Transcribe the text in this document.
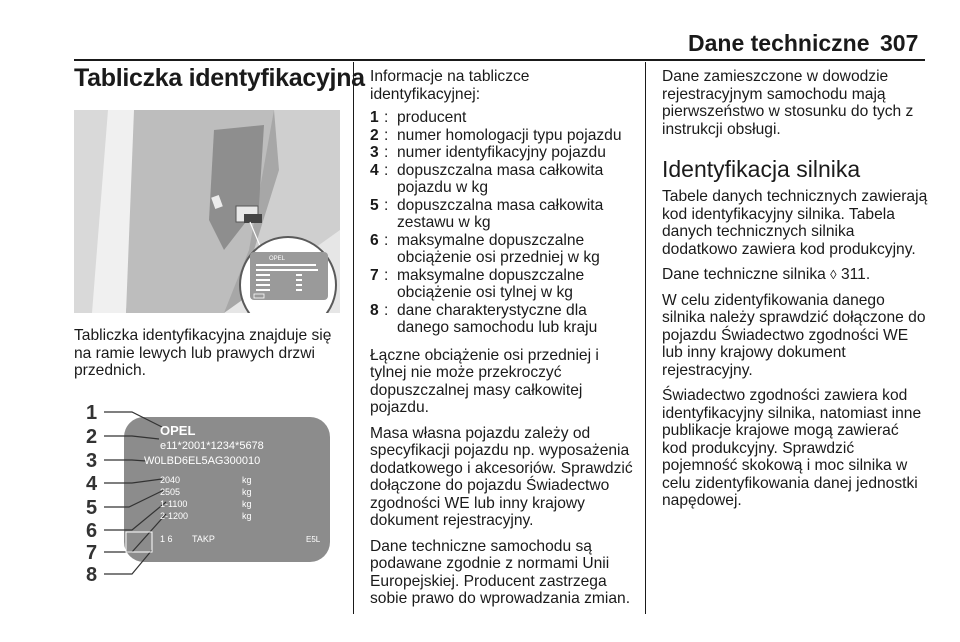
Dane techniczne 307
Tabliczka identyfikacyjna
OPEL
Tabliczka identyfikacyjna znajduje się na ramie lewych lub prawych drzwi przednich.
1
2
3
4
5
6
7
8
OPEL
e11*2001*1234*5678
W0LBD6EL5AG300010
2040	kg
2505	kg
1-1100	kg
2-1200	kg
1 6 TAKP	E5L

Informacje na tabliczce identyfikacyjnej:

1 : producent
2 : numer homologacji typu pojazdu
3 : numer identyfikacyjny pojazdu
4 : dopuszczalna masa całkowita pojazdu w kg
5 : dopuszczalna masa całkowita zestawu w kg
6 : maksymalne dopuszczalne obciążenie osi przedniej w kg
7 : maksymalne dopuszczalne obciążenie osi tylnej w kg
8 : dane charakterystyczne dla danego samochodu lub kraju

Łączne obciążenie osi przedniej i tylnej nie może przekroczyć dopuszczalnej masy całkowitej pojazdu.

Masa własna pojazdu zależy od specyfikacji pojazdu np. wyposażenia dodatkowego i akcesoriów. Sprawdzić dołączone do pojazdu Świadectwo zgodności WE lub inny krajowy dokument rejestracyjny.

Dane techniczne samochodu są podawane zgodnie z normami Unii Europejskiej. Producent zastrzega sobie prawo do wprowadzania zmian.

Dane zamieszczone w dowodzie rejestracyjnym samochodu mają pierwszeństwo w stosunku do tych z instrukcji obsługi.

Identyfikacja silnika

Tabele danych technicznych zawierają kod identyfikacyjny silnika. Tabela danych technicznych silnika dodatkowo zawiera kod produkcyjny.

Dane techniczne silnika ◊ 311.

W celu zidentyfikowania danego silnika należy sprawdzić dołączone do pojazdu Świadectwo zgodności WE lub inny krajowy dokument rejestracyjny.

Świadectwo zgodności zawiera kod identyfikacyjny silnika, natomiast inne publikacje krajowe mogą zawierać kod produkcyjny. Sprawdzić pojemność skokową i moc silnika w celu zidentyfikowania danej jednostki napędowej.
